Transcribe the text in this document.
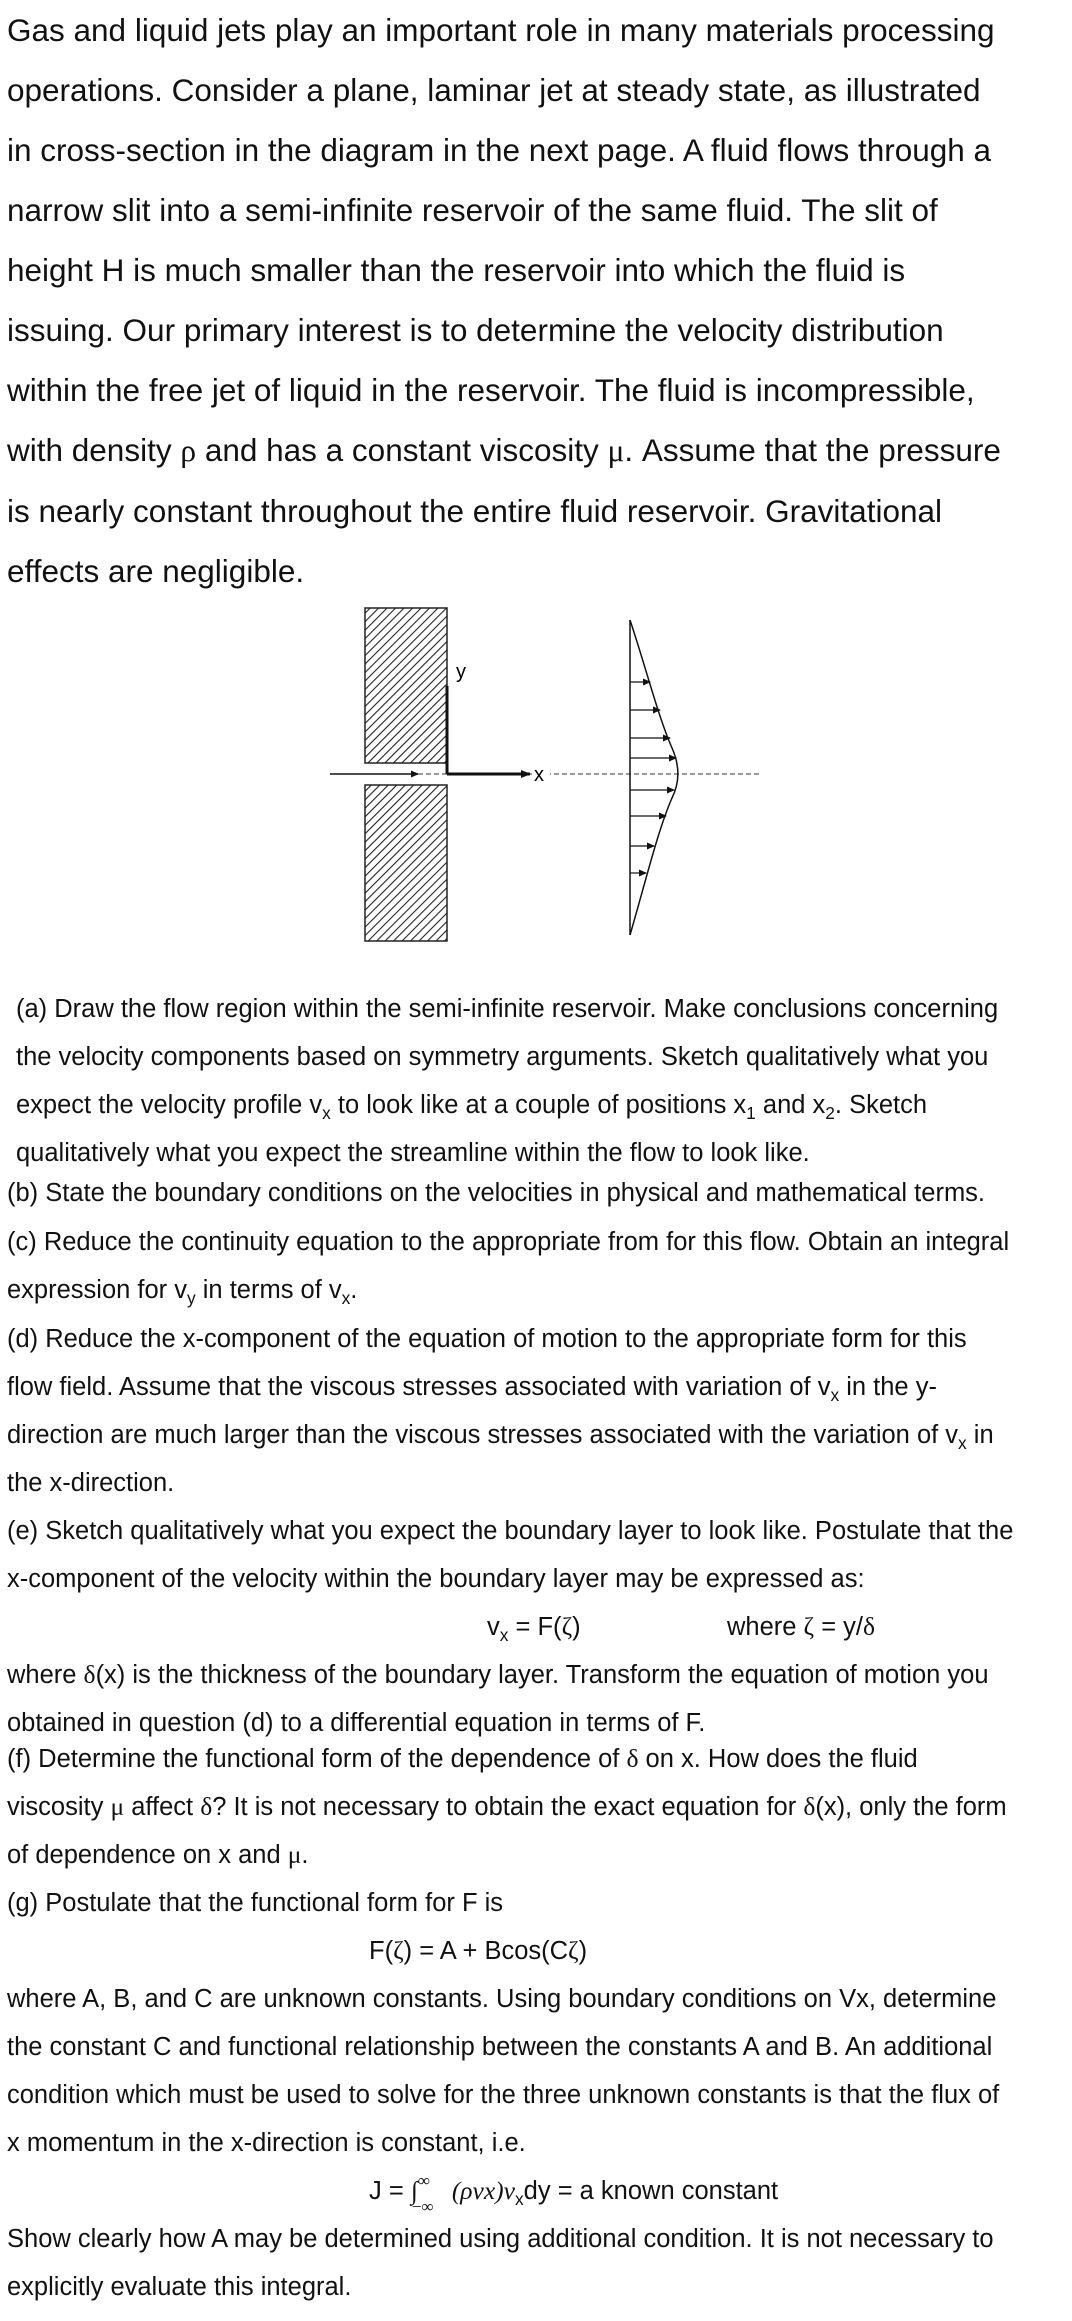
Gas and liquid jets play an important role in many materials processing
operations. Consider a plane, laminar jet at steady state, as illustrated
in cross-section in the diagram in the next page. A fluid flows through a
narrow slit into a semi-infinite reservoir of the same fluid. The slit of
height H is much smaller than the reservoir into which the fluid is
issuing. Our primary interest is to determine the velocity distribution
within the free jet of liquid in the reservoir. The fluid is incompressible,
with density ρ and has a constant viscosity μ. Assume that the pressure
is nearly constant throughout the entire fluid reservoir. Gravitational
effects are negligible.
y
x
(a) Draw the flow region within the semi-infinite reservoir. Make conclusions concerning
the velocity components based on symmetry arguments. Sketch qualitatively what you
expect the velocity profile $v_x$ to look like at a couple of positions $x_1$ and $x_2$. Sketch
qualitatively what you expect the streamline within the flow to look like.
(b) State the boundary conditions on the velocities in physical and mathematical terms.
(c) Reduce the continuity equation to the appropriate from for this flow. Obtain an integral
expression for $v_y$ in terms of $v_x$.
(d) Reduce the x-component of the equation of motion to the appropriate form for this
flow field. Assume that the viscous stresses associated with variation of $v_x$ in the y-
direction are much larger than the viscous stresses associated with the variation of $v_x$ in
the x-direction.
(e) Sketch qualitatively what you expect the boundary layer to look like. Postulate that the
x-component of the velocity within the boundary layer may be expressed as:
$v_x = F(\zeta)$	where ζ = y/δ
where δ(x) is the thickness of the boundary layer. Transform the equation of motion you
obtained in question (d) to a differential equation in terms of F.
(f) Determine the functional form of the dependence of δ on x. How does the fluid
viscosity μ affect δ? It is not necessary to obtain the exact equation for δ(x), only the form
of dependence on x and μ.
(g) Postulate that the functional form for F is
F(ζ) = A + Bcos(Cζ)
where A, B, and C are unknown constants. Using boundary conditions on Vx, determine
the constant C and functional relationship between the constants A and B. An additional
condition which must be used to solve for the three unknown constants is that the flux of
x momentum in the x-direction is constant, i.e.
J = ∫ ∞
−∞
$(\rho vx)v_xdy = a$ known constant
Show clearly how A may be determined using additional condition. It is not necessary to
explicitly evaluate this integral.
